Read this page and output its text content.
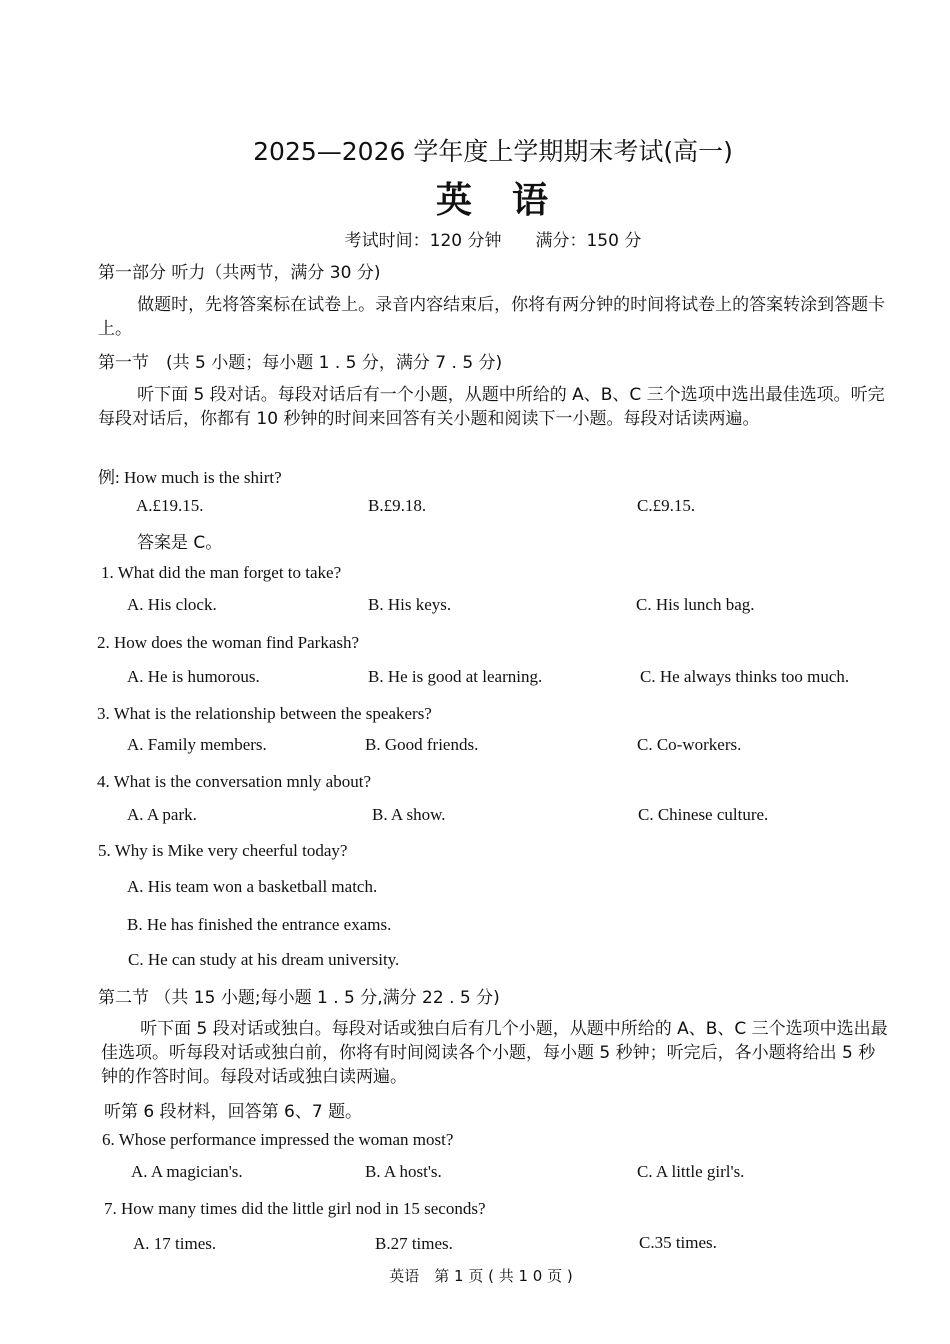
2025—2026 学年度上学期期末考试(高一)
英　语
考试时间：120 分钟　　满分：150 分
第一部分 听力（共两节，满分 30 分)
做题时，先将答案标在试卷上。录音内容结束后，你将有两分钟的时间将试卷上的答案转涂到答题卡上。
第一节　(共 5 小题；每小题 1 . 5 分，满分 7 . 5 分)
听下面 5 段对话。每段对话后有一个小题，从题中所给的 A、B、C 三个选项中选出最佳选项。听完每段对话后，你都有 10 秒钟的时间来回答有关小题和阅读下一小题。每段对话读两遍。
例: How much is the shirt?
A.£19.15.	B.£9.18.	C.£9.15.
答案是 C。
1. What did the man forget to take?
A. His clock.	B. His keys.	C. His lunch bag.
2. How does the woman find Parkash?
A. He is humorous.	B. He is good at learning.	C. He always thinks too much.
3. What is the relationship between the speakers?
A. Family members.	B. Good friends.	C. Co-workers.
4. What is the conversation mnly about?
A. A park.	B. A show.	C. Chinese culture.
5. Why is Mike very cheerful today?
A. His team won a basketball match.
B. He has finished the entrance exams.
C. He can study at his dream university.
第二节 （共 15 小题;每小题 1 . 5 分,满分 22 . 5 分)
听下面 5 段对话或独白。每段对话或独白后有几个小题，从题中所给的 A、B、C 三个选项中选出最佳选项。听每段对话或独白前，你将有时间阅读各个小题，每小题 5 秒钟；听完后，各小题将给出 5 秒钟的作答时间。每段对话或独白读两遍。
听第 6 段材料，回答第 6、7 题。
6. Whose performance impressed the woman most?
A. A magician's.	B. A host's.	C. A little girl's.
7. How many times did the little girl nod in 15 seconds?
A. 17 times.	B.27 times.	C.35 times.
英语　第 1 页 ( 共 1 0 页 )
